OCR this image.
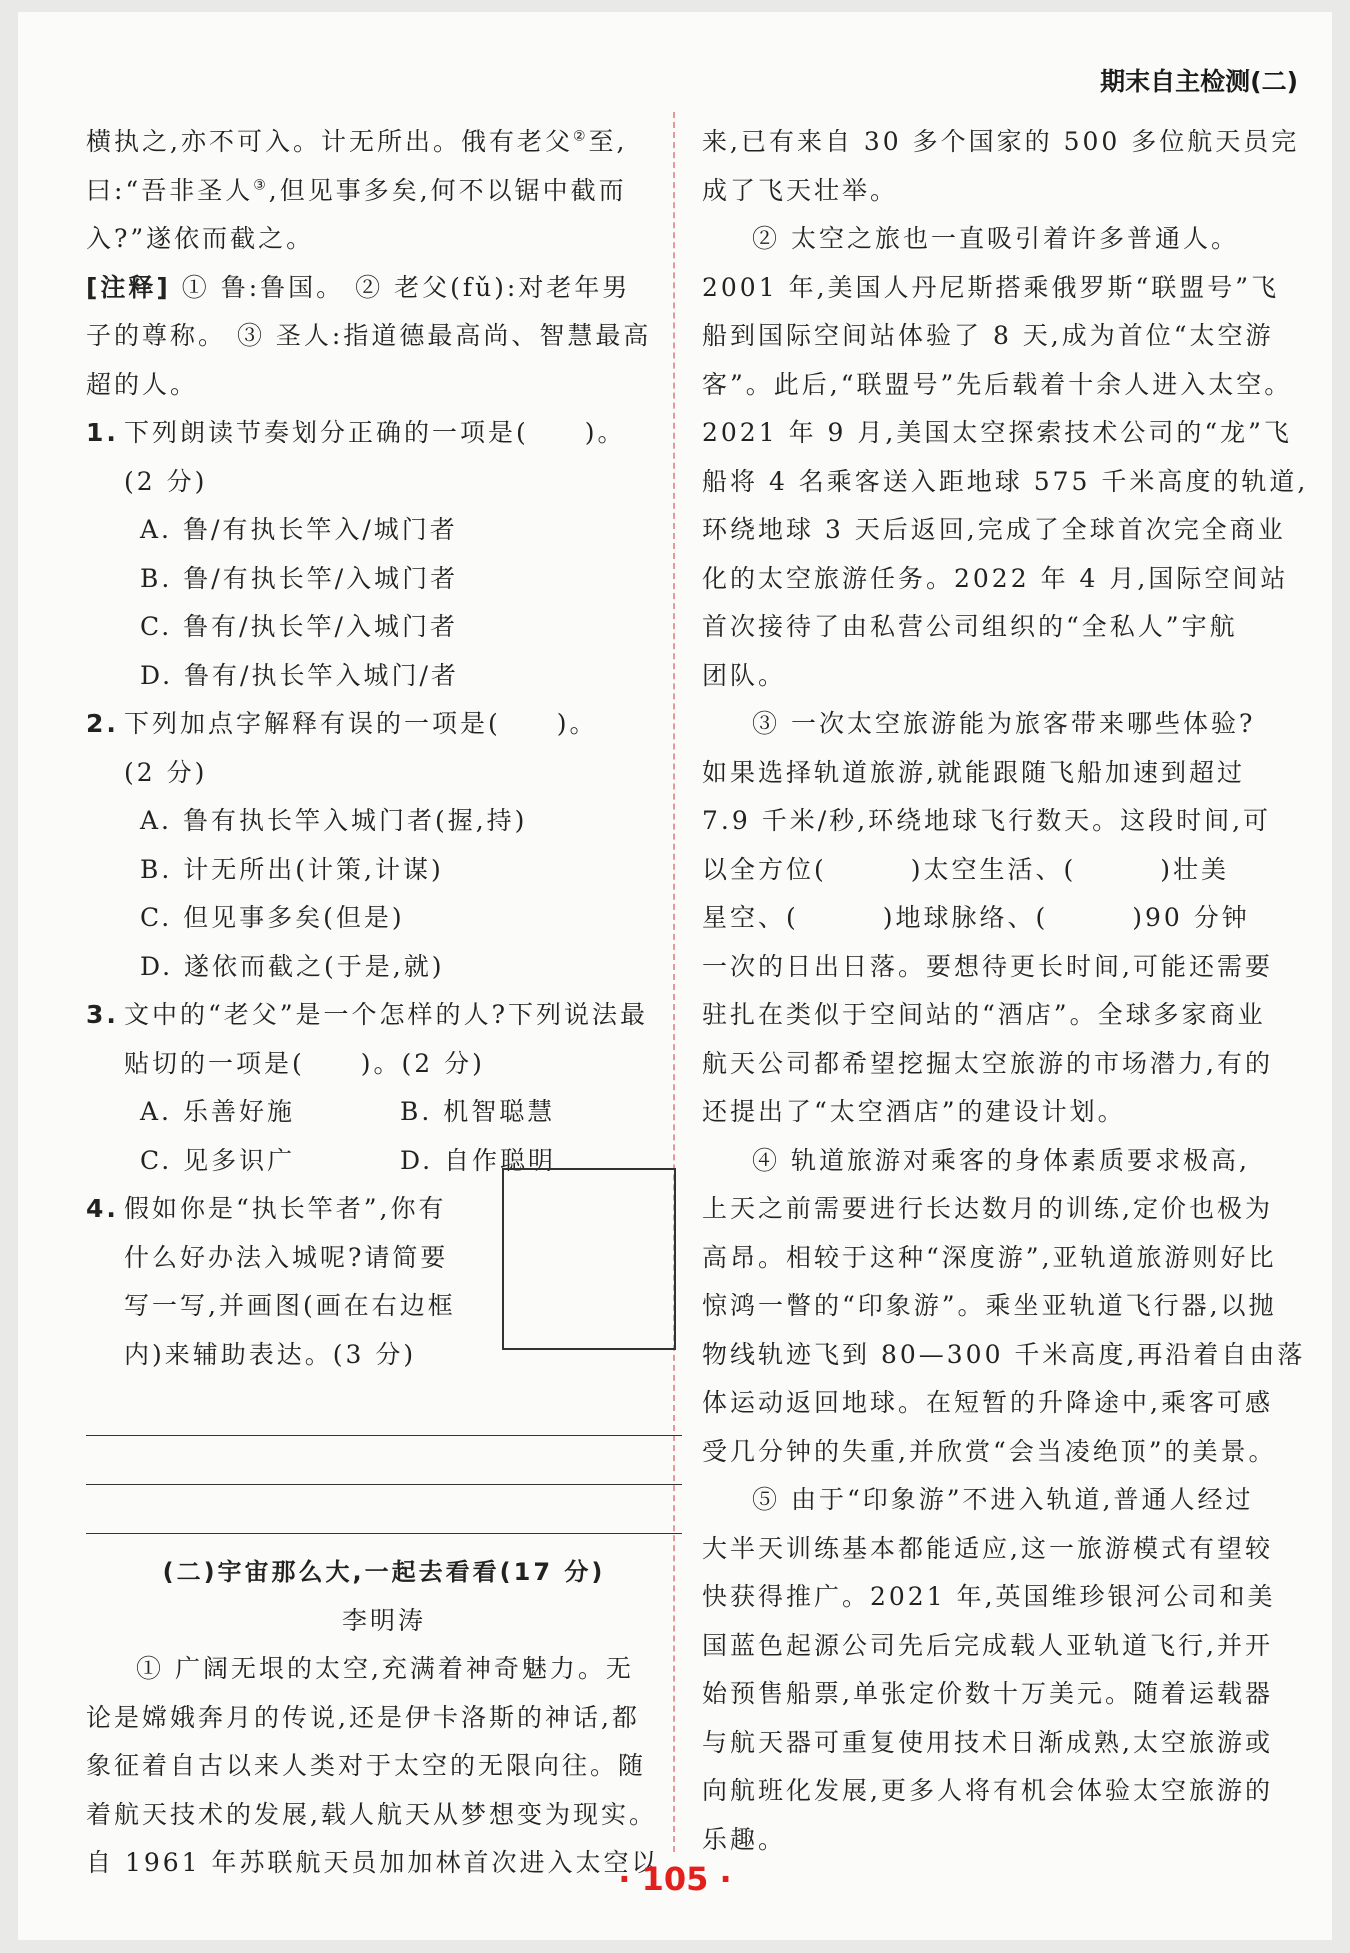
期末自主检测(二)
横执之,亦不可入。计无所出。俄有老父②至,
曰:“吾非圣人③,但见事多矣,何不以锯中截而
入?”遂依而截之。
[注释] ① 鲁:鲁国。 ② 老父(fǔ):对老年男
子的尊称。 ③ 圣人:指道德最高尚、智慧最高
超的人。
1. 下列朗读节奏划分正确的一项是(　　)。
(2 分)
A. 鲁/有执长竿入/城门者
B. 鲁/有执长竿/入城门者
C. 鲁有/执长竿/入城门者
D. 鲁有/执长竿入城门/者
2. 下列加点字解释有误的一项是(　　)。
(2 分)
A. 鲁有执长竿入城门者(握,持)
B. 计无所出(计策,计谋)
C. 但见事多矣(但是)
D. 遂依而截之(于是,就)
3. 文中的“老父”是一个怎样的人?下列说法最
贴切的一项是(　　)。(2 分)
A. 乐善好施	B. 机智聪慧
C. 见多识广	D. 自作聪明
4. 假如你是“执长竿者”,你有
什么好办法入城呢?请简要
写一写,并画图(画在右边框
内)来辅助表达。(3 分)
(二)宇宙那么大,一起去看看(17 分)
李明涛
① 广阔无垠的太空,充满着神奇魅力。无
论是嫦娥奔月的传说,还是伊卡洛斯的神话,都
象征着自古以来人类对于太空的无限向往。随
着航天技术的发展,载人航天从梦想变为现实。
自 1961 年苏联航天员加加林首次进入太空以
来,已有来自 30 多个国家的 500 多位航天员完
成了飞天壮举。
② 太空之旅也一直吸引着许多普通人。
2001 年,美国人丹尼斯搭乘俄罗斯“联盟号”飞
船到国际空间站体验了 8 天,成为首位“太空游
客”。此后,“联盟号”先后载着十余人进入太空。
2021 年 9 月,美国太空探索技术公司的“龙”飞
船将 4 名乘客送入距地球 575 千米高度的轨道,
环绕地球 3 天后返回,完成了全球首次完全商业
化的太空旅游任务。2022 年 4 月,国际空间站
首次接待了由私营公司组织的“全私人”宇航
团队。
③ 一次太空旅游能为旅客带来哪些体验?
如果选择轨道旅游,就能跟随飞船加速到超过
7.9 千米/秒,环绕地球飞行数天。这段时间,可
以全方位(　　　)太空生活、(　　　)壮美
星空、(　　　)地球脉络、(　　　)90 分钟
一次的日出日落。要想待更长时间,可能还需要
驻扎在类似于空间站的“酒店”。全球多家商业
航天公司都希望挖掘太空旅游的市场潜力,有的
还提出了“太空酒店”的建设计划。
④ 轨道旅游对乘客的身体素质要求极高,
上天之前需要进行长达数月的训练,定价也极为
高昂。相较于这种“深度游”,亚轨道旅游则好比
惊鸿一瞥的“印象游”。乘坐亚轨道飞行器,以抛
物线轨迹飞到 80—300 千米高度,再沿着自由落
体运动返回地球。在短暂的升降途中,乘客可感
受几分钟的失重,并欣赏“会当凌绝顶”的美景。
⑤ 由于“印象游”不进入轨道,普通人经过
大半天训练基本都能适应,这一旅游模式有望较
快获得推广。2021 年,英国维珍银河公司和美
国蓝色起源公司先后完成载人亚轨道飞行,并开
始预售船票,单张定价数十万美元。随着运载器
与航天器可重复使用技术日渐成熟,太空旅游或
向航班化发展,更多人将有机会体验太空旅游的
乐趣。
· 105 ·
